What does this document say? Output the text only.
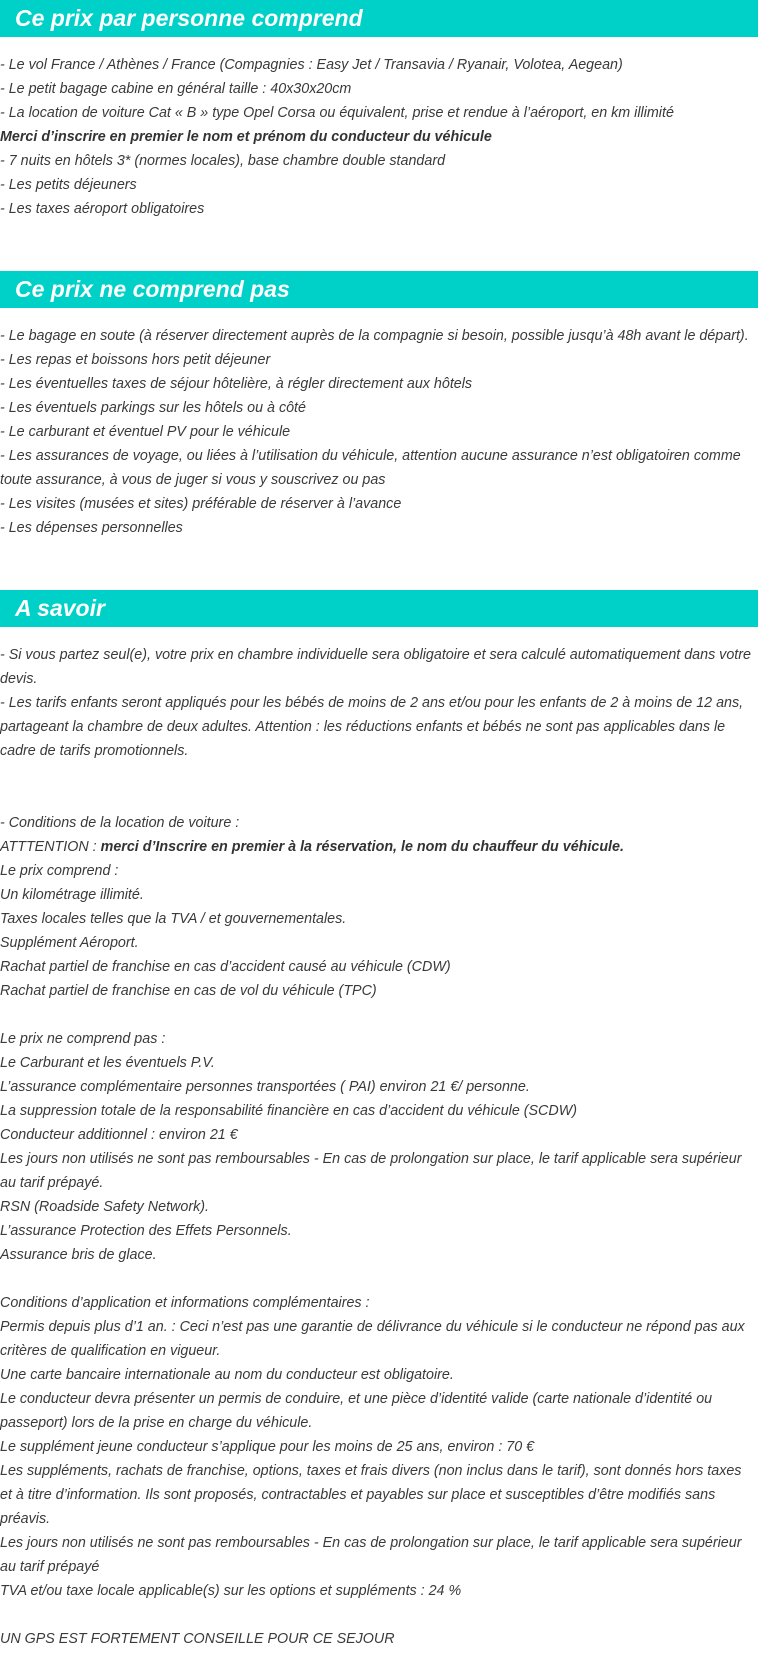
Ce prix par personne comprend

- Le vol France / Athènes / France (Compagnies : Easy Jet / Transavia / Ryanair, Volotea, Aegean)

- Le petit bagage cabine en général taille : 40x30x20cm

- La location de voiture Cat « B » type Opel Corsa ou équivalent, prise et rendue à l’aéroport, en km illimité

Merci d’inscrire en premier le nom et prénom du conducteur du véhicule

- 7 nuits en hôtels 3* (normes locales), base chambre double standard

- Les petits déjeuners

- Les taxes aéroport obligatoires

Ce prix ne comprend pas

- Le bagage en soute (à réserver directement auprès de la compagnie si besoin, possible jusqu’à 48h avant le départ).

- Les repas et boissons hors petit déjeuner

- Les éventuelles taxes de séjour hôtelière, à régler directement aux hôtels

- Les éventuels parkings sur les hôtels ou à côté

- Le carburant et éventuel PV pour le véhicule

- Les assurances de voyage, ou liées à l’utilisation du véhicule, attention aucune assurance n’est obligatoiren comme toute assurance, à vous de juger si vous y souscrivez ou pas

- Les visites (musées et sites) préférable de réserver à l’avance

- Les dépenses personnelles

A savoir

- Si vous partez seul(e), votre prix en chambre individuelle sera obligatoire et sera calculé automatiquement dans votre devis.

- Les tarifs enfants seront appliqués pour les bébés de moins de 2 ans et/ou pour les enfants de 2 à moins de 12 ans, partageant la chambre de deux adultes. Attention : les réductions enfants et bébés ne sont pas applicables dans le cadre de tarifs promotionnels.

- Conditions de la location de voiture :

ATTTENTION : merci d’Inscrire en premier à la réservation, le nom du chauffeur du véhicule.

Le prix comprend :

Un kilométrage illimité.

Taxes locales telles que la TVA / et gouvernementales.

Supplément Aéroport.

Rachat partiel de franchise en cas d’accident causé au véhicule (CDW)

Rachat partiel de franchise en cas de vol du véhicule (TPC)

Le prix ne comprend pas :

Le Carburant et les éventuels P.V.

L’assurance complémentaire personnes transportées ( PAI) environ 21 €/ personne.

La suppression totale de la responsabilité financière en cas d’accident du véhicule (SCDW)

Conducteur additionnel : environ 21 €

Les jours non utilisés ne sont pas remboursables - En cas de prolongation sur place, le tarif applicable sera supérieur au tarif prépayé.

RSN (Roadside Safety Network).

L’assurance Protection des Effets Personnels.

Assurance bris de glace.

Conditions d’application et informations complémentaires :

Permis depuis plus d’1 an. : Ceci n’est pas une garantie de délivrance du véhicule si le conducteur ne répond pas aux critères de qualification en vigueur.

Une carte bancaire internationale au nom du conducteur est obligatoire.

Le conducteur devra présenter un permis de conduire, et une pièce d’identité valide (carte nationale d’identité ou passeport) lors de la prise en charge du véhicule.

Le supplément jeune conducteur s’applique pour les moins de 25 ans, environ : 70 €

Les suppléments, rachats de franchise, options, taxes et frais divers (non inclus dans le tarif), sont donnés hors taxes et à titre d’information. Ils sont proposés, contractables et payables sur place et susceptibles d’être modifiés sans préavis.

Les jours non utilisés ne sont pas remboursables - En cas de prolongation sur place, le tarif applicable sera supérieur au tarif prépayé

TVA et/ou taxe locale applicable(s) sur les options et suppléments : 24 %

UN GPS EST FORTEMENT CONSEILLE POUR CE SEJOUR
